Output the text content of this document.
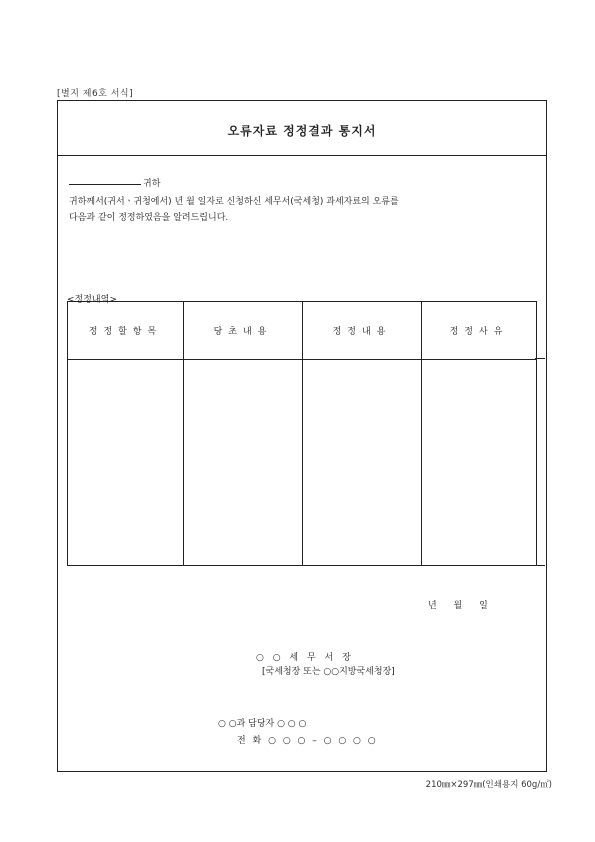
[별지 제6호 서식]
오류자료 정정결과 통지서
귀하
귀하께서(귀서ㆍ귀청에서) 년 월 일자로 신청하신 세무서(국세청) 과세자료의 오류를
다음과 같이 정정하였음을 알려드립니다.
<정정내역>
정정할항목	당초내용	정정내용	정정사유

년 월 일
○ ○ 세 무 서 장
[국세청장 또는 ○○지방국세청장]
○ ○과 담당자 ○ ○ ○
전 화 ○ ○ ○ – ○ ○ ○ ○
210㎜×297㎜(인쇄용지 60g/㎡)
